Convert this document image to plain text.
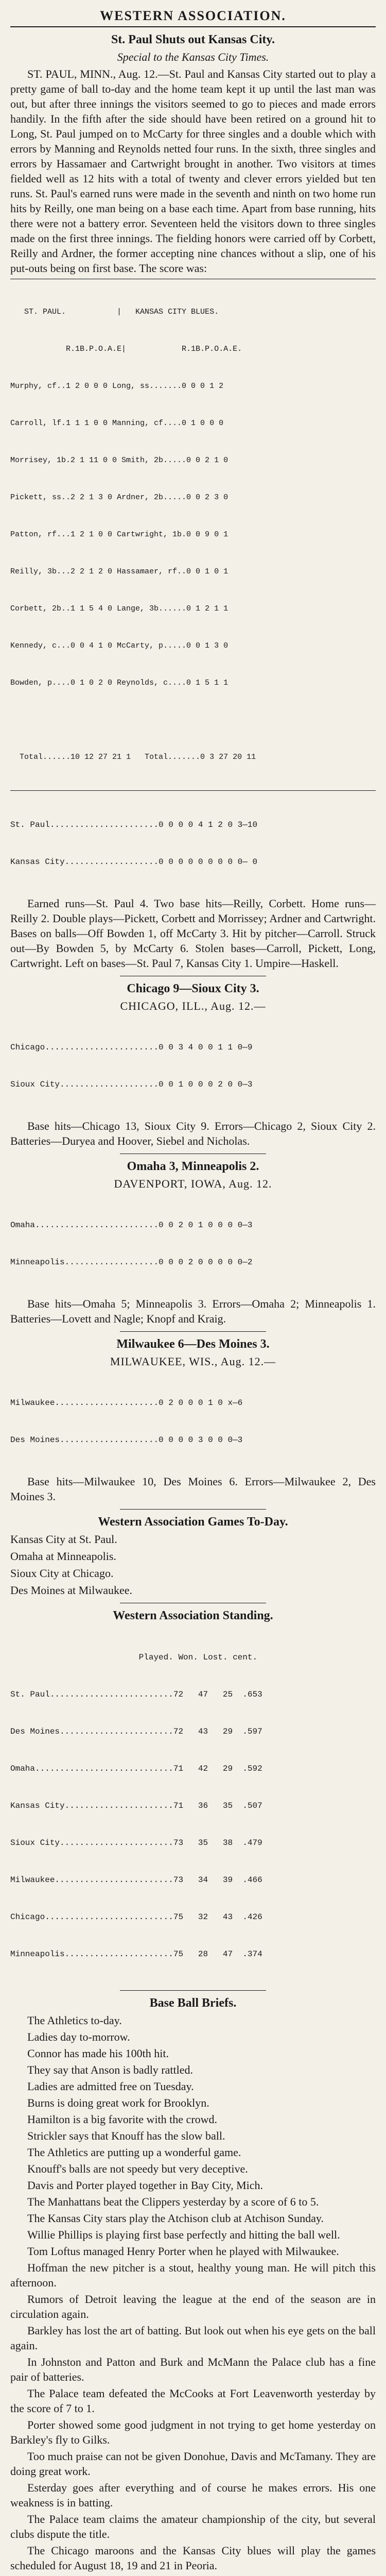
WESTERN ASSOCIATION.
St. Paul Shuts out Kansas City.
Special to the Kansas City Times.

ST. PAUL, MINN., Aug. 12.—St. Paul and Kansas City started out to play a pretty game of ball to-day and the home team kept it up until the last man was out, but after three innings the visitors seemed to go to pieces and made errors handily. In the fifth after the side should have been retired on a ground hit to Long, St. Paul jumped on to McCarty for three singles and a double which with errors by Manning and Reynolds netted four runs. In the sixth, three singles and errors by Hassamaer and Cartwright brought in another. Two visitors at times fielded well as 12 hits with a total of twenty and clever errors yielded but ten runs. St. Paul's earned runs were made in the seventh and ninth on two home run hits by Reilly, one man being on a base each time. Apart from base running, hits there were not a battery error. Seventeen held the visitors down to three singles made on the first three innings. The fielding honors were carried off by Corbett, Reilly and Ardner, the former accepting nine chances without a slip, one of his put-outs being on first base. The score was:

ST. PAUL.           |   KANSAS CITY BLUES.

R.1B.P.O.A.E|            R.1B.P.O.A.E.

Murphy, cf..1 2 0 0 0 Long, ss.......0 0 0 1 2

Carroll, lf.1 1 1 0 0 Manning, cf....0 1 0 0 0

Morrisey, 1b.2 1 11 0 0 Smith, 2b.....0 0 2 1 0

Pickett, ss..2 2 1 3 0 Ardner, 2b.....0 0 2 3 0

Patton, rf...1 2 1 0 0 Cartwright, 1b.0 0 9 0 1

Reilly, 3b...2 2 1 2 0 Hassamaer, rf..0 0 1 0 1

Corbett, 2b..1 1 5 4 0 Lange, 3b......0 1 2 1 1

Kennedy, c...0 0 4 1 0 McCarty, p.....0 0 1 3 0

Bowden, p....0 1 0 2 0 Reynolds, c....0 1 5 1 1

Total......10 12 27 21 1   Total.......0 3 27 20 11

St. Paul......................0 0 0 0 4 1 2 0 3—10

Kansas City...................0 0 0 0 0 0 0 0 0— 0

Earned runs—St. Paul 4. Two base hits—Reilly, Corbett. Home runs—Reilly 2. Double plays—Pickett, Corbett and Morrissey; Ardner and Cartwright. Bases on balls—Off Bowden 1, off McCarty 3. Hit by pitcher—Carroll. Struck out—By Bowden 5, by McCarty 6. Stolen bases—Carroll, Pickett, Long, Cartwright. Left on bases—St. Paul 7, Kansas City 1. Umpire—Haskell.

Chicago 9—Sioux City 3.
CHICAGO, ILL., Aug. 12.—

Chicago.......................0 0 3 4 0 0 1 1 0—9

Sioux City....................0 0 1 0 0 0 2 0 0—3

Base hits—Chicago 13, Sioux City 9. Errors—Chicago 2, Sioux City 2. Batteries—Duryea and Hoover, Siebel and Nicholas.

Omaha 3, Minneapolis 2.
DAVENPORT, IOWA, Aug. 12.

Omaha.........................0 0 2 0 1 0 0 0 0—3

Minneapolis...................0 0 0 2 0 0 0 0 0—2

Base hits—Omaha 5; Minneapolis 3. Errors—Omaha 2; Minneapolis 1. Batteries—Lovett and Nagle; Knopf and Kraig.

Milwaukee 6—Des Moines 3.
MILWAUKEE, WIS., Aug. 12.—

Milwaukee.....................0 2 0 0 0 1 0 x—6

Des Moines....................0 0 0 0 3 0 0 0—3

Base hits—Milwaukee 10, Des Moines 6. Errors—Milwaukee 2, Des Moines 3.

Western Association Games To-Day.

Kansas City at St. Paul.

Omaha at Minneapolis.

Sioux City at Chicago.

Des Moines at Milwaukee.

Western Association Standing.

Played. Won. Lost. cent.

St. Paul.........................72   47   25  .653

Des Moines.......................72   43   29  .597

Omaha............................71   42   29  .592

Kansas City......................71   36   35  .507

Sioux City.......................73   35   38  .479

Milwaukee........................73   34   39  .466

Chicago..........................75   32   43  .426

Minneapolis......................75   28   47  .374

Base Ball Briefs.

The Athletics to-day.

Ladies day to-morrow.

Connor has made his 100th hit.

They say that Anson is badly rattled.

Ladies are admitted free on Tuesday.

Burns is doing great work for Brooklyn.

Hamilton is a big favorite with the crowd.

Strickler says that Knouff has the slow ball.

The Athletics are putting up a wonderful game.

Knouff's balls are not speedy but very deceptive.

Davis and Porter played together in Bay City, Mich.

The Manhattans beat the Clippers yesterday by a score of 6 to 5.

The Kansas City stars play the Atchison club at Atchison Sunday.

Willie Phillips is playing first base perfectly and hitting the ball well.

Tom Loftus managed Henry Porter when he played with Milwaukee.

Hoffman the new pitcher is a stout, healthy young man. He will pitch this afternoon.

Rumors of Detroit leaving the league at the end of the season are in circulation again.

Barkley has lost the art of batting. But look out when his eye gets on the ball again.

In Johnston and Patton and Burk and McMann the Palace club has a fine pair of batteries.

The Palace team defeated the McCooks at Fort Leavenworth yesterday by the score of 7 to 1.

Porter showed some good judgment in not trying to get home yesterday on Barkley's fly to Gilks.

Too much praise can not be given Donohue, Davis and McTamany. They are doing great work.

Esterday goes after everything and of course he makes errors. His one weakness is in batting.

The Palace team claims the amateur championship of the city, but several clubs dispute the title.

The Chicago maroons and the Kansas City blues will play the games scheduled for August 18, 19 and 21 in Peoria.
